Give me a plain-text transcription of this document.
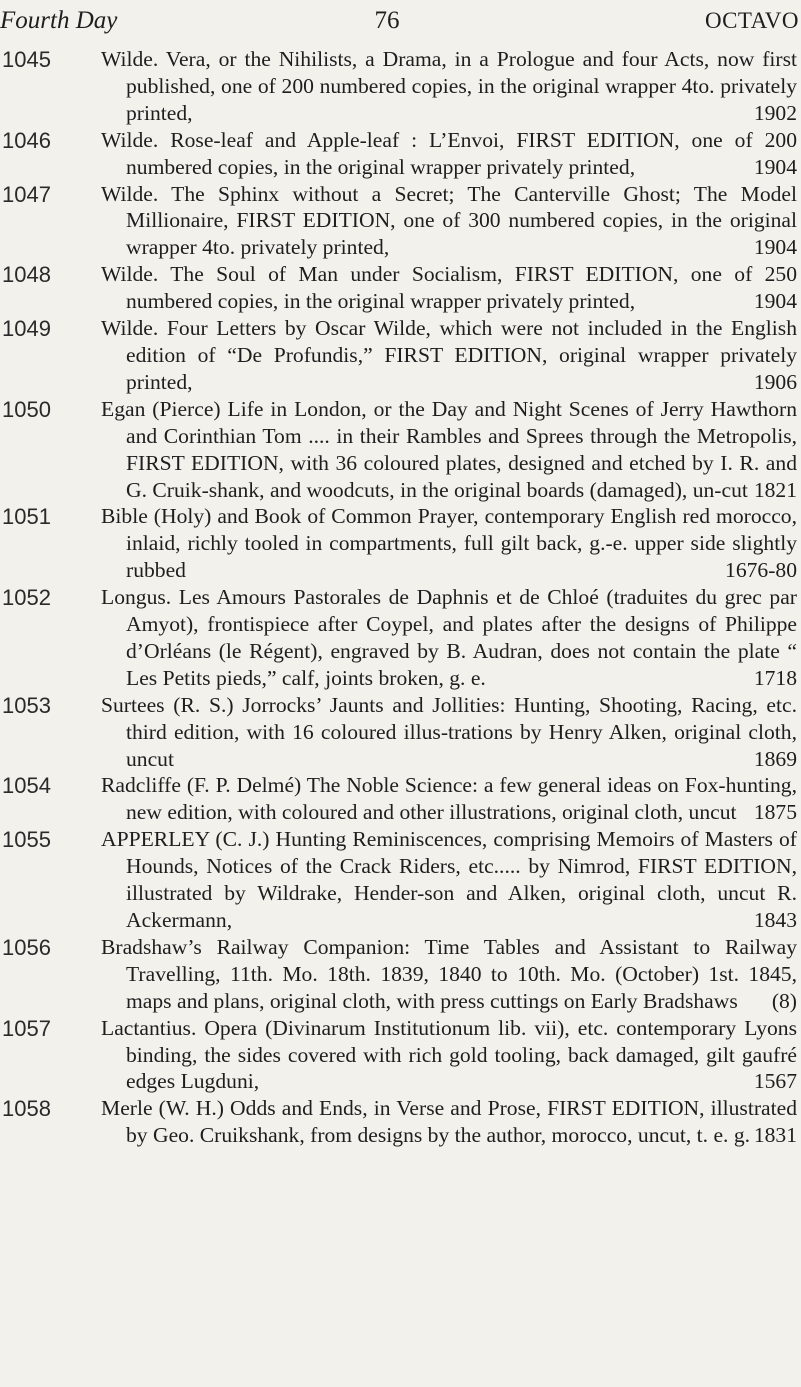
Fourth Day	76	OCTAVO
1045	Wilde. Vera, or the Nihilists, a Drama, in a Prologue and four Acts, now first published, one of 200 numbered copies, in the original wrapper 4to. privately printed,	1902
1046	Wilde. Rose-leaf and Apple-leaf : L’Envoi, FIRST EDITION, one of 200 numbered copies, in the original wrapper privately printed,	1904
1047	Wilde. The Sphinx without a Secret; The Canterville Ghost; The Model Millionaire, FIRST EDITION, one of 300 numbered copies, in the original wrapper 4to. privately printed,	1904
1048	Wilde. The Soul of Man under Socialism, FIRST EDITION, one of 250 numbered copies, in the original wrapper privately printed,	1904
1049	Wilde. Four Letters by Oscar Wilde, which were not included in the English edition of “De Profundis,” FIRST EDITION, original wrapper privately printed,	1906
1050	Egan (Pierce) Life in London, or the Day and Night Scenes of Jerry Hawthorn and Corinthian Tom .... in their Rambles and Sprees through the Metropolis, FIRST EDITION, with 36 coloured plates, designed and etched by I. R. and G. Cruik-shank, and woodcuts, in the original boards (damaged), un-cut 1821
1051	Bible (Holy) and Book of Common Prayer, contemporary English red morocco, inlaid, richly tooled in compartments, full gilt back, g.-e. upper side slightly rubbed	1676-80
1052	Longus. Les Amours Pastorales de Daphnis et de Chloé (traduites du grec par Amyot), frontispiece after Coypel, and plates after the designs of Philippe d’Orléans (le Régent), engraved by B. Audran, does not contain the plate “ Les Petits pieds,” calf, joints broken, g. e.	1718
1053	Surtees (R. S.) Jorrocks’ Jaunts and Jollities: Hunting, Shooting, Racing, etc. third edition, with 16 coloured illus-trations by Henry Alken, original cloth, uncut	1869
1054	Radcliffe (F. P. Delmé) The Noble Science: a few general ideas on Fox-hunting, new edition, with coloured and other illustrations, original cloth, uncut 1875
1055	APPERLEY (C. J.) Hunting Reminiscences, comprising Memoirs of Masters of Hounds, Notices of the Crack Riders, etc..... by Nimrod, FIRST EDITION, illustrated by Wildrake, Hender-son and Alken, original cloth, uncut R. Ackermann,	1843
1056	Bradshaw’s Railway Companion: Time Tables and Assistant to Railway Travelling, 11th. Mo. 18th. 1839, 1840 to 10th. Mo. (October) 1st. 1845, maps and plans, original cloth, with press cuttings on Early Bradshaws (8)
1057	Lactantius. Opera (Divinarum Institutionum lib. vii), etc. contemporary Lyons binding, the sides covered with rich gold tooling, back damaged, gilt gaufré edges Lugduni,	1567
1058	Merle (W. H.) Odds and Ends, in Verse and Prose, FIRST EDITION, illustrated by Geo. Cruikshank, from designs by the author, morocco, uncut, t. e. g. 1831
